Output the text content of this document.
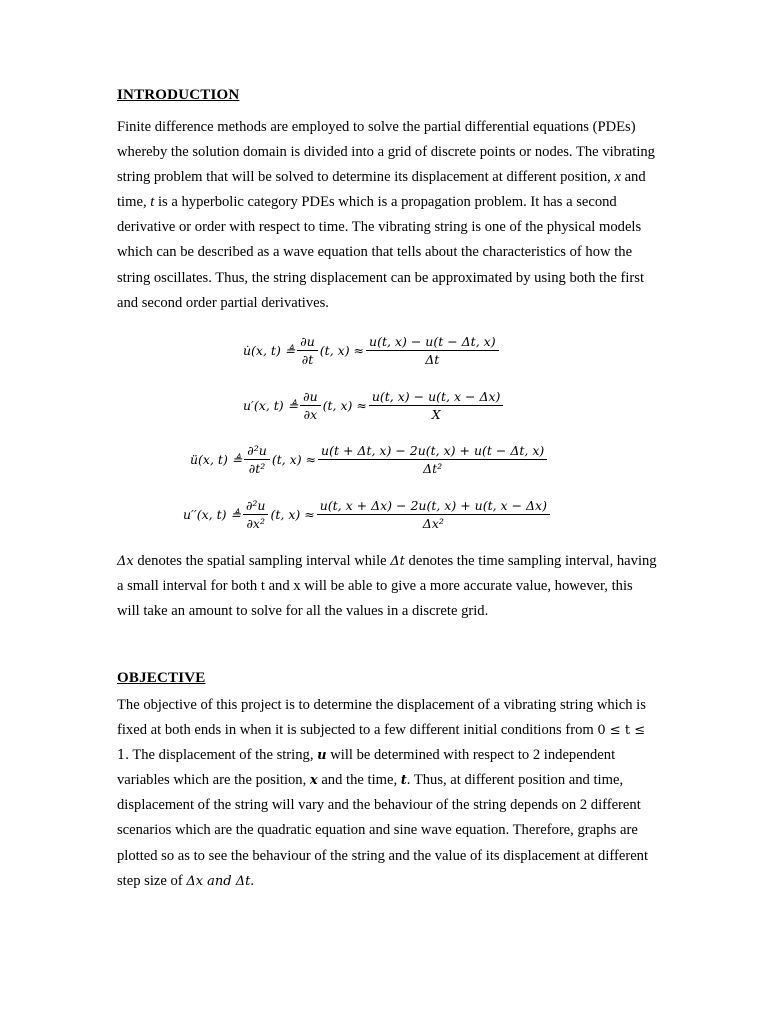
INTRODUCTION

Finite difference methods are employed to solve the partial differential equations (PDEs) whereby the solution domain is divided into a grid of discrete points or nodes. The vibrating string problem that will be solved to determine its displacement at different position, x and time, t is a hyperbolic category PDEs which is a propagation problem. It has a second derivative or order with respect to time. The vibrating string is one of the physical models which can be described as a wave equation that tells about the characteristics of how the string oscillates. Thus, the string displacement can be approximated by using both the first and second order partial derivatives.

u̇(x, t) ≜ $\frac{\partial u}{\partial t} (t$, $x) \approx \frac{u(t, x) - u(t - \Delta t, x)}{\Delta t}$
u′(x, t) ≜ $\frac{\partial u}{\partial x} (t$, $x) \approx \frac{u(t, x) - u(t, x - \Delta x)}{X}$
ü(x, t) ≜ $\frac{\text{∂²u}}{\text{∂t²}} (t$, $x) \approx \frac{u(t + \Delta t, x) - 2u(t, x) + u(t - \Delta t, x)}{\text{Δt²}}$
u′′(x, t) ≜ $\frac{\text{∂²u}}{\text{∂x²}} (t$, $x) \approx \frac{u(t, x + \Delta x) - 2u(t, x) + u(t, x - \Delta x)}{\text{Δx²}}$

Δx denotes the spatial sampling interval while Δt denotes the time sampling interval, having a small interval for both t and x will be able to give a more accurate value, however, this will take an amount to solve for all the values in a discrete grid.

OBJECTIVE

The objective of this project is to determine the displacement of a vibrating string which is fixed at both ends in when it is subjected to a few different initial conditions from 0 ≤ t ≤ 1. The displacement of the string, u will be determined with respect to 2 independent variables which are the position, x and the time, t. Thus, at different position and time, displacement of the string will vary and the behaviour of the string depends on 2 different scenarios which are the quadratic equation and sine wave equation. Therefore, graphs are plotted so as to see the behaviour of the string and the value of its displacement at different step size of Δx and Δt.
